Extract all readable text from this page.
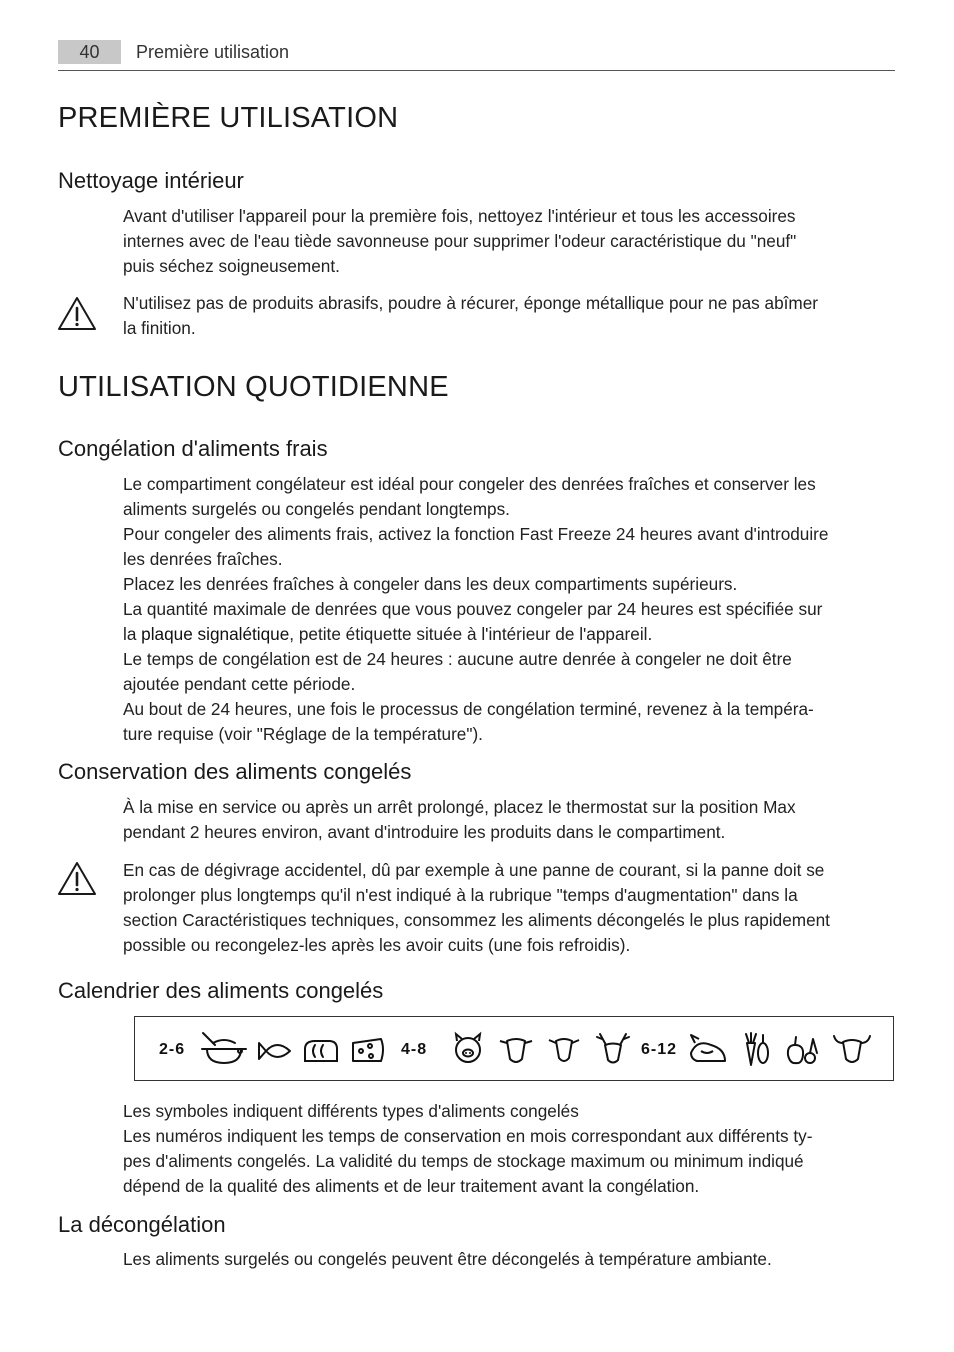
40	Première utilisation
PREMIÈRE UTILISATION
Nettoyage intérieur
Avant d'utiliser l'appareil pour la première fois, nettoyez l'intérieur et tous les accessoires
internes avec de l'eau tiède savonneuse pour supprimer l'odeur caractéristique du "neuf"
puis séchez soigneusement.
N'utilisez pas de produits abrasifs, poudre à récurer, éponge métallique pour ne pas abîmer
la finition.
UTILISATION QUOTIDIENNE
Congélation d'aliments frais
Le compartiment congélateur est idéal pour congeler des denrées fraîches et conserver les
aliments surgelés ou congelés pendant longtemps.
Pour congeler des aliments frais, activez la fonction Fast Freeze 24 heures avant d'introduire
les denrées fraîches.
Placez les denrées fraîches à congeler dans les deux compartiments supérieurs.
La quantité maximale de denrées que vous pouvez congeler par 24 heures est spécifiée sur
la plaque signalétique, petite étiquette située à l'intérieur de l'appareil.
Le temps de congélation est de 24 heures : aucune autre denrée à congeler ne doit être
ajoutée pendant cette période.
Au bout de 24 heures, une fois le processus de congélation terminé, revenez à la tempéra-
ture requise (voir "Réglage de la température").
Conservation des aliments congelés
À la mise en service ou après un arrêt prolongé, placez le thermostat sur la position Max
pendant 2 heures environ, avant d'introduire les produits dans le compartiment.
En cas de dégivrage accidentel, dû par exemple à une panne de courant, si la panne doit se
prolonger plus longtemps qu'il n'est indiqué à la rubrique "temps d'augmentation" dans la
section Caractéristiques techniques, consommez les aliments décongelés le plus rapidement
possible ou recongelez-les après les avoir cuits (une fois refroidis).
Calendrier des aliments congelés
2-6	4-8	6-12
Les symboles indiquent différents types d'aliments congelés
Les numéros indiquent les temps de conservation en mois correspondant aux différents ty-
pes d'aliments congelés. La validité du temps de stockage maximum ou minimum indiqué
dépend de la qualité des aliments et de leur traitement avant la congélation.
La décongélation
Les aliments surgelés ou congelés peuvent être décongelés à température ambiante.
